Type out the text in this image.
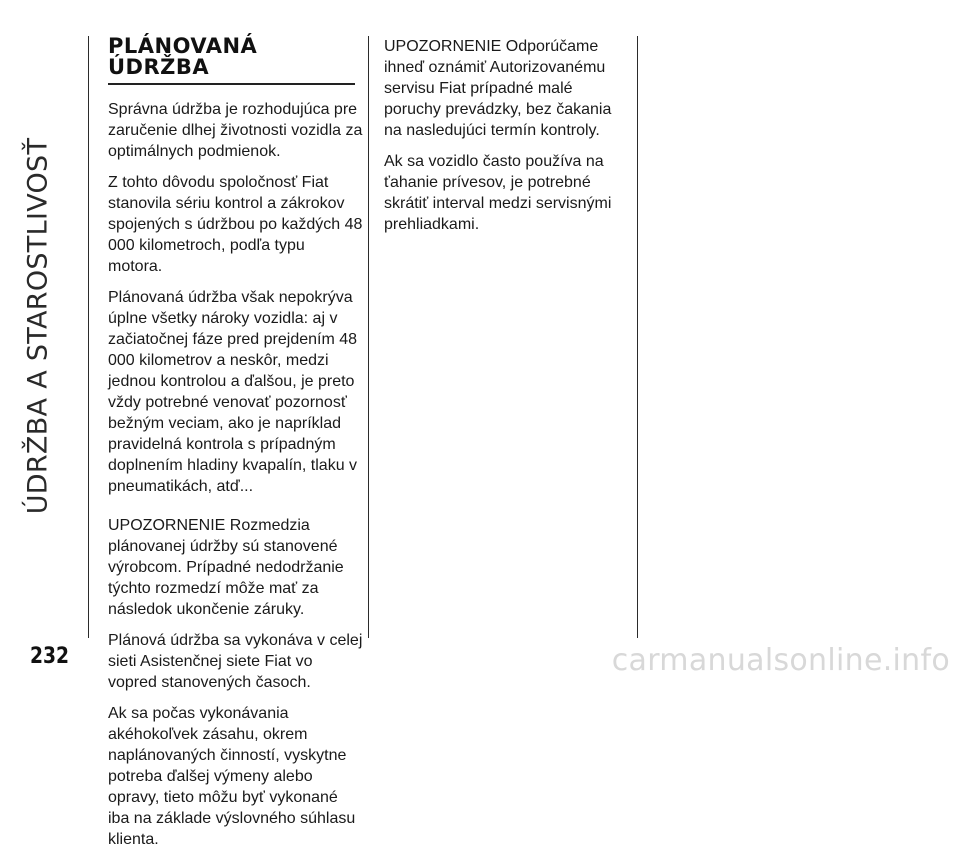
ÚDRŽBA A STAROSTLIVOSŤ
PLÁNOVANÁ
ÚDRŽBA

Správna údržba je rozhodujúca pre zaručenie dlhej životnosti vozidla za optimálnych podmienok.

Z tohto dôvodu spoločnosť Fiat stanovila sériu kontrol a zákrokov spojených s údržbou po každých 48 000 kilometroch, podľa typu motora.

Plánovaná údržba však nepokrýva úplne všetky nároky vozidla: aj v začiatočnej fáze pred prejdením 48 000 kilometrov a neskôr, medzi jednou kontrolou a ďalšou, je preto vždy potrebné venovať pozornosť bežným veciam, ako je napríklad pravidelná kontrola s prípadným doplnením hladiny kvapalín, tlaku v pneumatikách, atď...

UPOZORNENIE Rozmedzia plánovanej údržby sú stanovené výrobcom. Prípadné nedodržanie týchto rozmedzí môže mať za následok ukončenie záruky.

Plánová údržba sa vykonáva v celej sieti Asistenčnej siete Fiat vo vopred stanovených časoch.

Ak sa počas vykonávania akéhokoľvek zásahu, okrem naplánovaných činností, vyskytne potreba ďalšej výmeny alebo opravy, tieto môžu byť vykonané iba na základe výslovného súhlasu klienta.

UPOZORNENIE Odporúčame ihneď oznámiť Autorizovanému servisu Fiat prípadné malé poruchy prevádzky, bez čakania na nasledujúci termín kontroly.

Ak sa vozidlo často používa na ťahanie prívesov, je potrebné skrátiť interval medzi servisnými prehliadkami.

232	carmanualsonline.info
